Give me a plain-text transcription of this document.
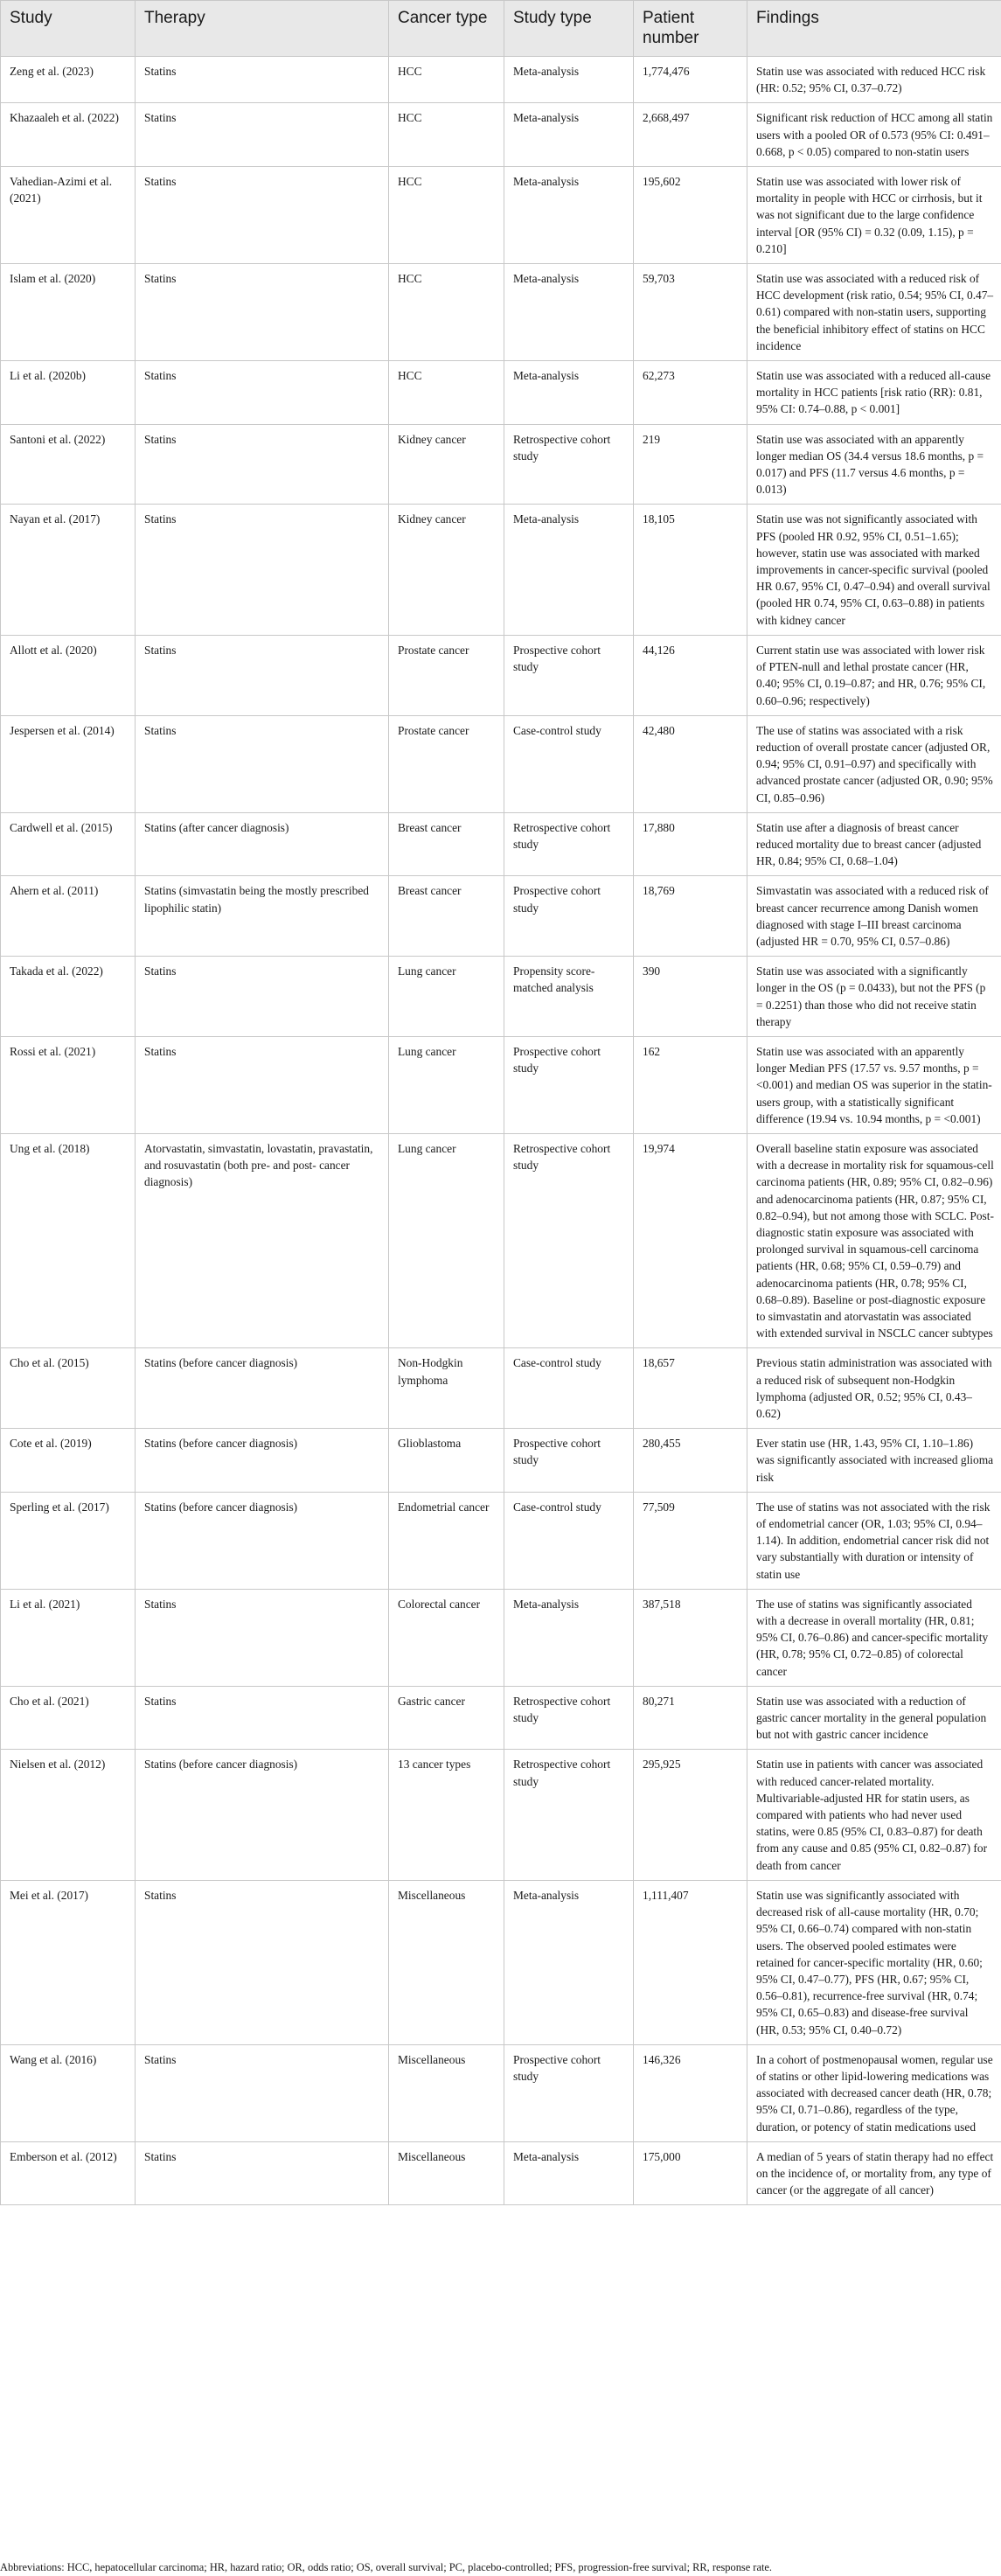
Study	Therapy	Cancer type	Study type	Patient number	Findings
Zeng et al. (2023)	Statins	HCC	Meta-analysis	1,774,476	Statin use was associated with reduced HCC risk (HR: 0.52; 95% CI, 0.37–0.72)
Khazaaleh et al. (2022)	Statins	HCC	Meta-analysis	2,668,497	Significant risk reduction of HCC among all statin users with a pooled OR of 0.573 (95% CI: 0.491–0.668, p < 0.05) compared to non-statin users
Vahedian-Azimi et al. (2021)	Statins	HCC	Meta-analysis	195,602	Statin use was associated with lower risk of mortality in people with HCC or cirrhosis, but it was not significant due to the large confidence interval [OR (95% CI) = 0.32 (0.09, 1.15), p = 0.210]
Islam et al. (2020)	Statins	HCC	Meta-analysis	59,703	Statin use was associated with a reduced risk of HCC development (risk ratio, 0.54; 95% CI, 0.47–0.61) compared with non-statin users, supporting the beneficial inhibitory effect of statins on HCC incidence
Li et al. (2020b)	Statins	HCC	Meta-analysis	62,273	Statin use was associated with a reduced all-cause mortality in HCC patients [risk ratio (RR): 0.81, 95% CI: 0.74–0.88, p < 0.001]
Santoni et al. (2022)	Statins	Kidney cancer	Retrospective cohort study	219	Statin use was associated with an apparently longer median OS (34.4 versus 18.6 months, p = 0.017) and PFS (11.7 versus 4.6 months, p = 0.013)
Nayan et al. (2017)	Statins	Kidney cancer	Meta-analysis	18,105	Statin use was not significantly associated with PFS (pooled HR 0.92, 95% CI, 0.51–1.65); however, statin use was associated with marked improvements in cancer-specific survival (pooled HR 0.67, 95% CI, 0.47–0.94) and overall survival (pooled HR 0.74, 95% CI, 0.63–0.88) in patients with kidney cancer
Allott et al. (2020)	Statins	Prostate cancer	Prospective cohort study	44,126	Current statin use was associated with lower risk of PTEN-null and lethal prostate cancer (HR, 0.40; 95% CI, 0.19–0.87; and HR, 0.76; 95% CI, 0.60–0.96; respectively)
Jespersen et al. (2014)	Statins	Prostate cancer	Case-control study	42,480	The use of statins was associated with a risk reduction of overall prostate cancer (adjusted OR, 0.94; 95% CI, 0.91–0.97) and specifically with advanced prostate cancer (adjusted OR, 0.90; 95% CI, 0.85–0.96)
Cardwell et al. (2015)	Statins (after cancer diagnosis)	Breast cancer	Retrospective cohort study	17,880	Statin use after a diagnosis of breast cancer reduced mortality due to breast cancer (adjusted HR, 0.84; 95% CI, 0.68–1.04)
Ahern et al. (2011)	Statins (simvastatin being the mostly prescribed lipophilic statin)	Breast cancer	Prospective cohort study	18,769	Simvastatin was associated with a reduced risk of breast cancer recurrence among Danish women diagnosed with stage I–III breast carcinoma (adjusted HR = 0.70, 95% CI, 0.57–0.86)
Takada et al. (2022)	Statins	Lung cancer	Propensity score-matched analysis	390	Statin use was associated with a significantly longer in the OS (p = 0.0433), but not the PFS (p = 0.2251) than those who did not receive statin therapy
Rossi et al. (2021)	Statins	Lung cancer	Prospective cohort study	162	Statin use was associated with an apparently longer Median PFS (17.57 vs. 9.57 months, p = <0.001) and median OS was superior in the statin-users group, with a statistically significant difference (19.94 vs. 10.94 months, p = <0.001)
Ung et al. (2018)	Atorvastatin, simvastatin, lovastatin, pravastatin, and rosuvastatin (both pre- and post- cancer diagnosis)	Lung cancer	Retrospective cohort study	19,974	Overall baseline statin exposure was associated with a decrease in mortality risk for squamous-cell carcinoma patients (HR, 0.89; 95% CI, 0.82–0.96) and adenocarcinoma patients (HR, 0.87; 95% CI, 0.82–0.94), but not among those with SCLC. Post-diagnostic statin exposure was associated with prolonged survival in squamous-cell carcinoma patients (HR, 0.68; 95% CI, 0.59–0.79) and adenocarcinoma patients (HR, 0.78; 95% CI, 0.68–0.89). Baseline or post-diagnostic exposure to simvastatin and atorvastatin was associated with extended survival in NSCLC cancer subtypes
Cho et al. (2015)	Statins (before cancer diagnosis)	Non-Hodgkin lymphoma	Case-control study	18,657	Previous statin administration was associated with a reduced risk of subsequent non-Hodgkin lymphoma (adjusted OR, 0.52; 95% CI, 0.43–0.62)
Cote et al. (2019)	Statins (before cancer diagnosis)	Glioblastoma	Prospective cohort study	280,455	Ever statin use (HR, 1.43, 95% CI, 1.10–1.86) was significantly associated with increased glioma risk
Sperling et al. (2017)	Statins (before cancer diagnosis)	Endometrial cancer	Case-control study	77,509	The use of statins was not associated with the risk of endometrial cancer (OR, 1.03; 95% CI, 0.94–1.14). In addition, endometrial cancer risk did not vary substantially with duration or intensity of statin use
Li et al. (2021)	Statins	Colorectal cancer	Meta-analysis	387,518	The use of statins was significantly associated with a decrease in overall mortality (HR, 0.81; 95% CI, 0.76–0.86) and cancer-specific mortality (HR, 0.78; 95% CI, 0.72–0.85) of colorectal cancer
Cho et al. (2021)	Statins	Gastric cancer	Retrospective cohort study	80,271	Statin use was associated with a reduction of gastric cancer mortality in the general population but not with gastric cancer incidence
Nielsen et al. (2012)	Statins (before cancer diagnosis)	13 cancer types	Retrospective cohort study	295,925	Statin use in patients with cancer was associated with reduced cancer-related mortality. Multivariable-adjusted HR for statin users, as compared with patients who had never used statins, were 0.85 (95% CI, 0.83–0.87) for death from any cause and 0.85 (95% CI, 0.82–0.87) for death from cancer
Mei et al. (2017)	Statins	Miscellaneous	Meta-analysis	1,111,407	Statin use was significantly associated with decreased risk of all-cause mortality (HR, 0.70; 95% CI, 0.66–0.74) compared with non-statin users. The observed pooled estimates were retained for cancer-specific mortality (HR, 0.60; 95% CI, 0.47–0.77), PFS (HR, 0.67; 95% CI, 0.56–0.81), recurrence-free survival (HR, 0.74; 95% CI, 0.65–0.83) and disease-free survival (HR, 0.53; 95% CI, 0.40–0.72)
Wang et al. (2016)	Statins	Miscellaneous	Prospective cohort study	146,326	In a cohort of postmenopausal women, regular use of statins or other lipid-lowering medications was associated with decreased cancer death (HR, 0.78; 95% CI, 0.71–0.86), regardless of the type, duration, or potency of statin medications used
Emberson et al. (2012)	Statins	Miscellaneous	Meta-analysis	175,000	A median of 5 years of statin therapy had no effect on the incidence of, or mortality from, any type of cancer (or the aggregate of all cancer)
Abbreviations: HCC, hepatocellular carcinoma; HR, hazard ratio; OR, odds ratio; OS, overall survival; PC, placebo-controlled; PFS, progression-free survival; RR, response rate.
